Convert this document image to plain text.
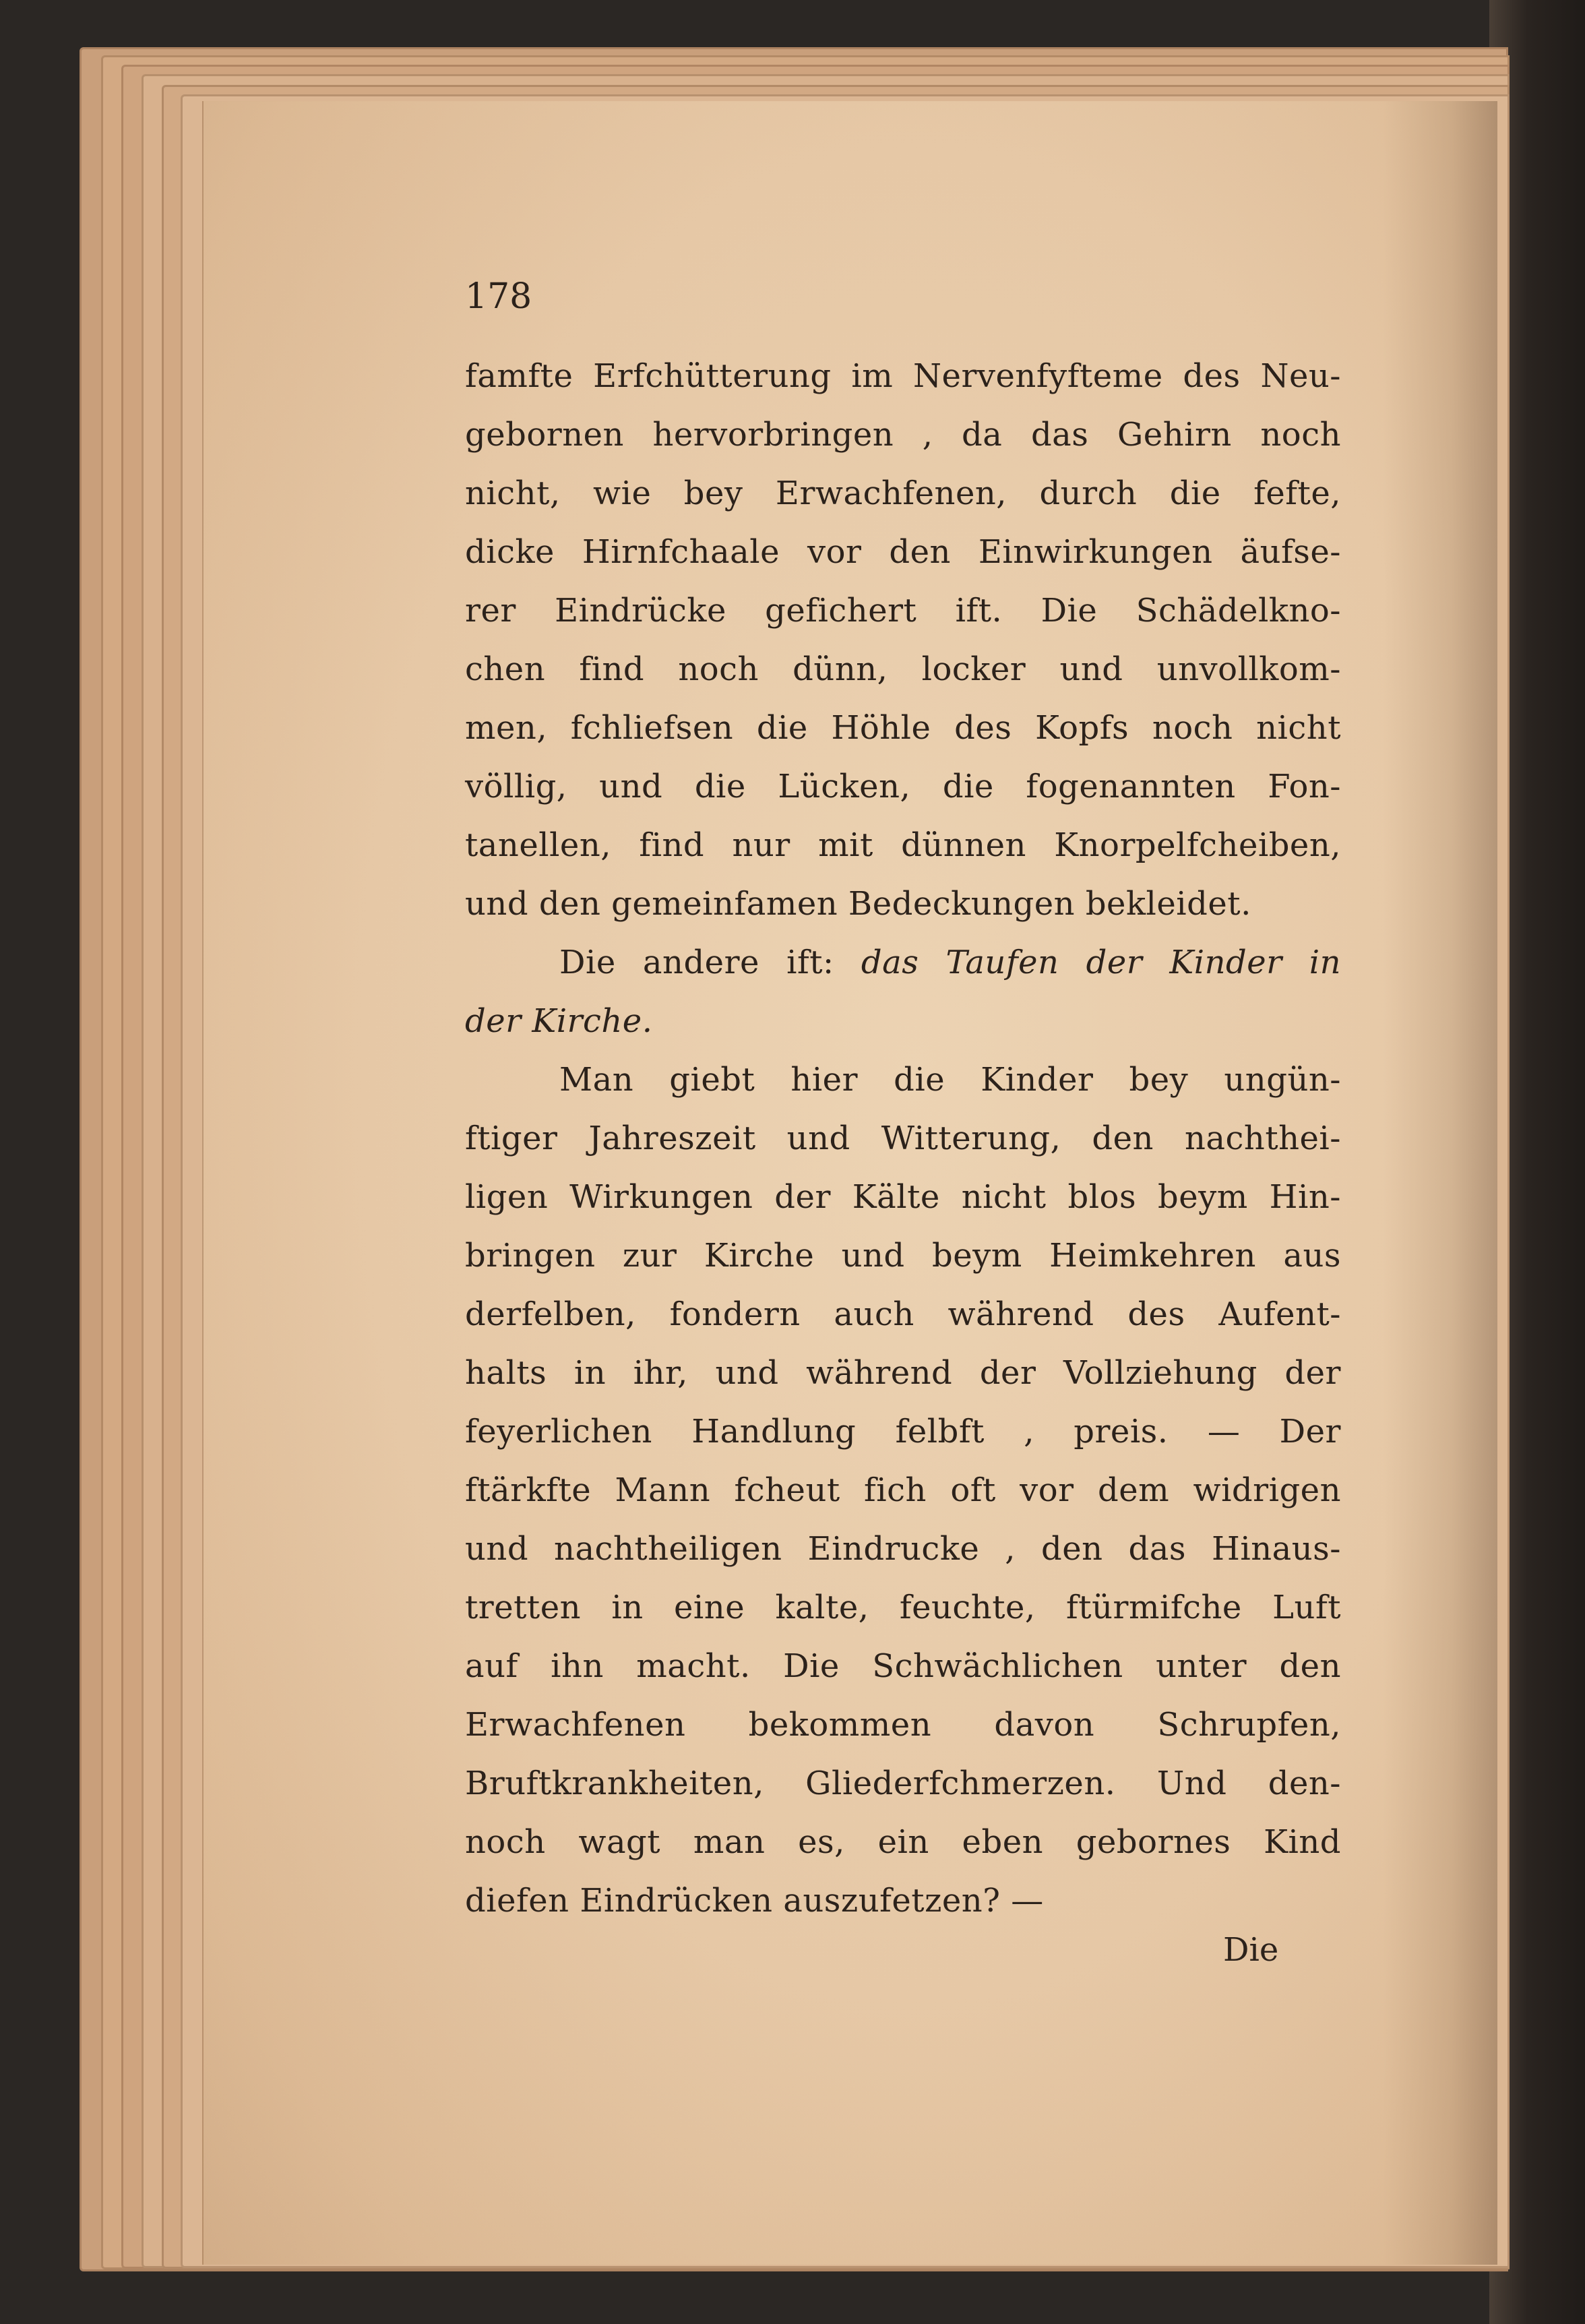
178
famfte Erfchütterung im Nervenfyfteme des Neu-
gebornen hervorbringen , da das Gehirn noch
nicht, wie bey Erwachfenen, durch die fefte,
dicke Hirnfchaale vor den Einwirkungen äufse-
rer Eindrücke gefichert ift. Die Schädelkno-
chen find noch dünn, locker und unvollkom-
men, fchliefsen die Höhle des Kopfs noch nicht
völlig, und die Lücken, die fogenannten Fon-
tanellen, find nur mit dünnen Knorpelfcheiben,
und den gemeinfamen Bedeckungen bekleidet.
Die andere ift: das Taufen der Kinder in
der Kirche.
Man giebt hier die Kinder bey ungün-
ftiger Jahreszeit und Witterung, den nachthei-
ligen Wirkungen der Kälte nicht blos beym Hin-
bringen zur Kirche und beym Heimkehren aus
derfelben, fondern auch während des Aufent-
halts in ihr, und während der Vollziehung der
feyerlichen Handlung felbft , preis. — Der
ftärkfte Mann fcheut fich oft vor dem widrigen
und nachtheiligen Eindrucke , den das Hinaus-
tretten in eine kalte, feuchte, ftürmifche Luft
auf ihn macht. Die Schwächlichen unter den
Erwachfenen bekommen davon Schrupfen,
Bruftkrankheiten, Gliederfchmerzen. Und den-
noch wagt man es, ein eben gebornes Kind
diefen Eindrücken auszufetzen? —
Die
